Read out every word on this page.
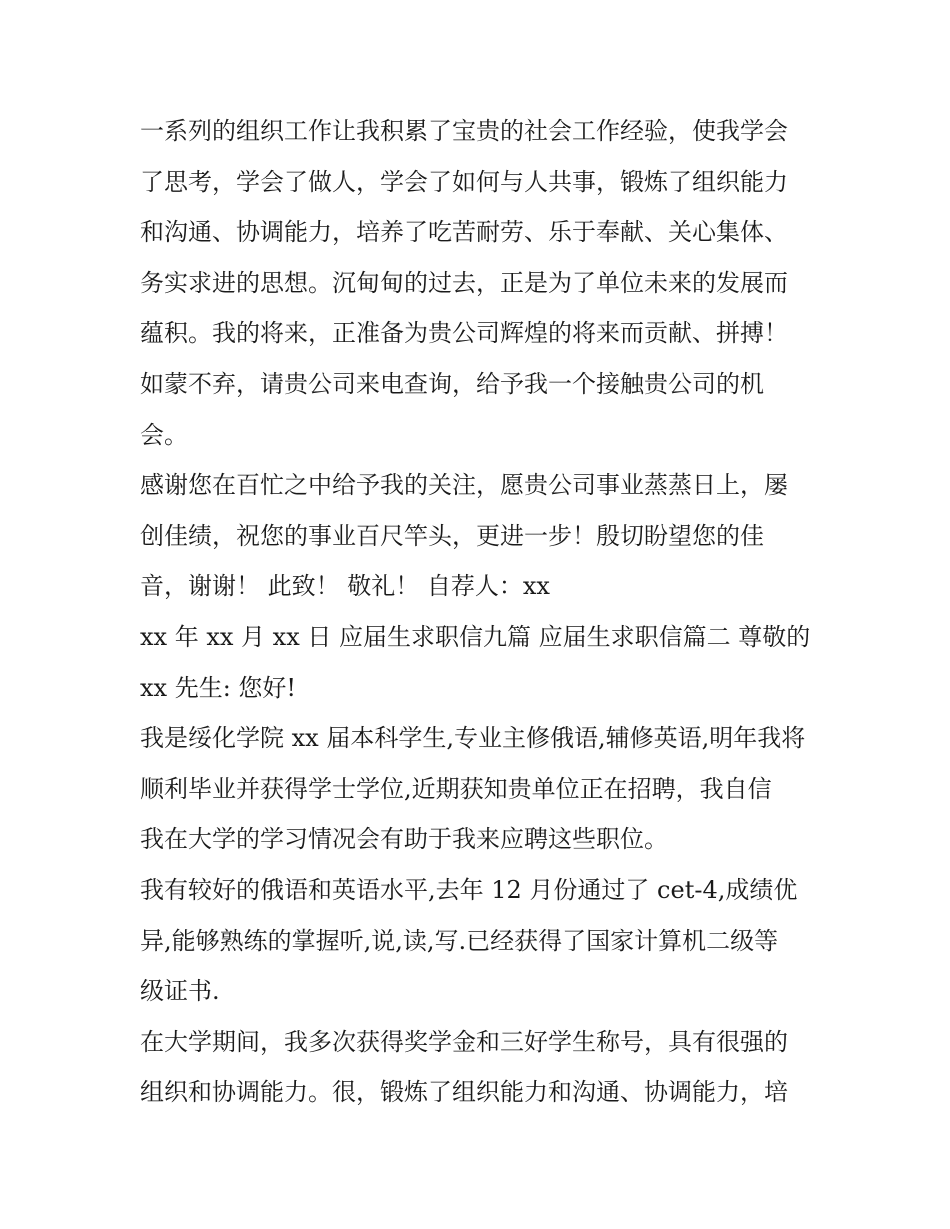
一系列的组织工作让我积累了宝贵的社会工作经验，使我学会
了思考，学会了做人，学会了如何与人共事，锻炼了组织能力
和沟通、协调能力，培养了吃苦耐劳、乐于奉献、关心集体、
务实求进的思想。沉甸甸的过去，正是为了单位未来的发展而
蕴积。我的将来，正准备为贵公司辉煌的将来而贡献、拼搏！
如蒙不弃，请贵公司来电查询，给予我一个接触贵公司的机
会。
感谢您在百忙之中给予我的关注，愿贵公司事业蒸蒸日上，屡
创佳绩，祝您的事业百尺竿头，更进一步！殷切盼望您的佳
音，谢谢！ 此致！ 敬礼！ 自荐人：xx
xx 年 xx 月 xx 日 应届生求职信九篇 应届生求职信篇二 尊敬的
xx 先生: 您好!
我是绥化学院 xx 届本科学生,专业主修俄语,辅修英语,明年我将
顺利毕业并获得学士学位,近期获知贵单位正在招聘，我自信
我在大学的学习情况会有助于我来应聘这些职位。
我有较好的俄语和英语水平,去年 12 月份通过了 cet-4,成绩优
异,能够熟练的掌握听,说,读,写.已经获得了国家计算机二级等
级证书.
在大学期间，我多次获得奖学金和三好学生称号，具有很强的
组织和协调能力。很，锻炼了组织能力和沟通、协调能力，培
